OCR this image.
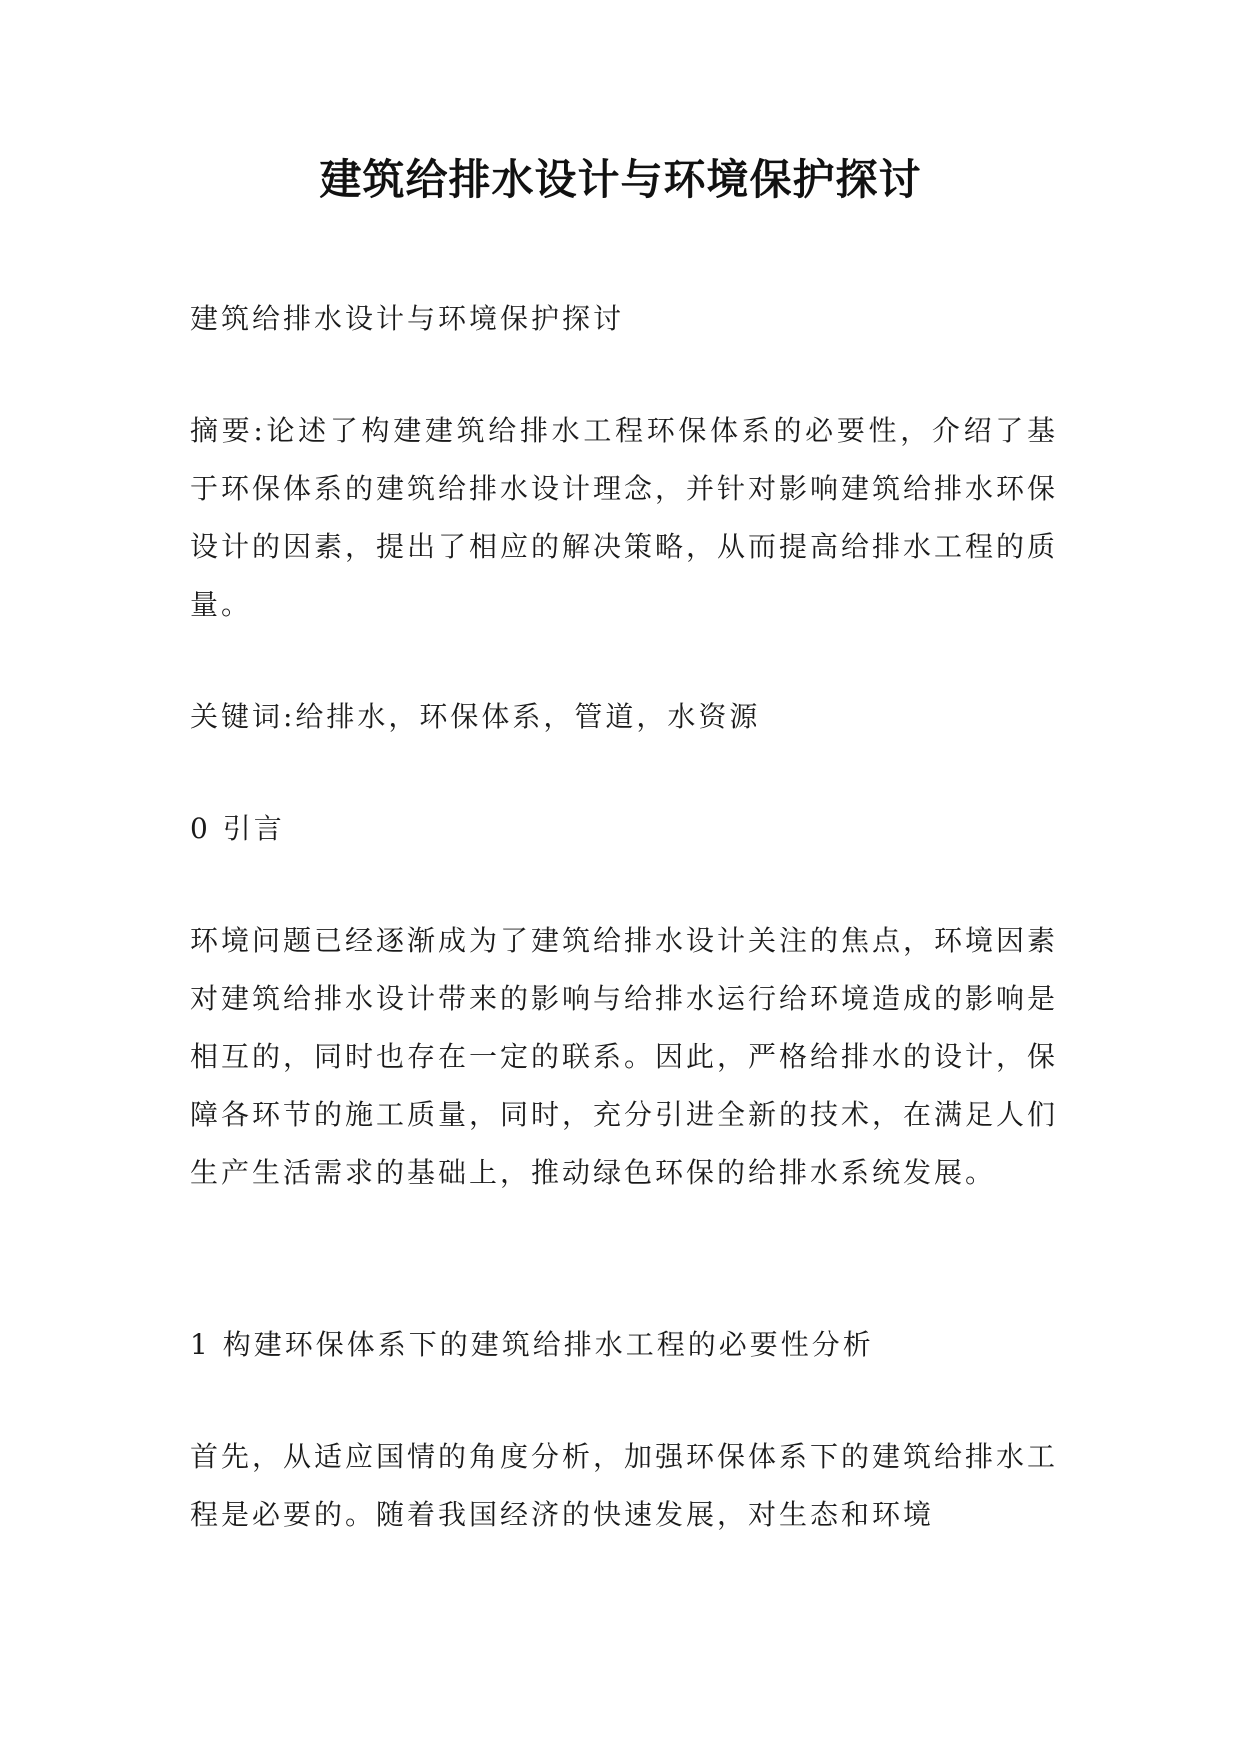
建筑给排水设计与环境保护探讨

建筑给排水设计与环境保护探讨

摘要:论述了构建建筑给排水工程环保体系的必要性，介绍了基于环保体系的建筑给排水设计理念，并针对影响建筑给排水环保设计的因素，提出了相应的解决策略，从而提高给排水工程的质量。

关键词:给排水，环保体系，管道，水资源

0 引言

环境问题已经逐渐成为了建筑给排水设计关注的焦点，环境因素对建筑给排水设计带来的影响与给排水运行给环境造成的影响是相互的，同时也存在一定的联系。因此，严格给排水的设计，保障各环节的施工质量，同时，充分引进全新的技术，在满足人们生产生活需求的基础上，推动绿色环保的给排水系统发展。

1 构建环保体系下的建筑给排水工程的必要性分析

首先，从适应国情的角度分析，加强环保体系下的建筑给排水工程是必要的。随着我国经济的快速发展，对生态和环境
